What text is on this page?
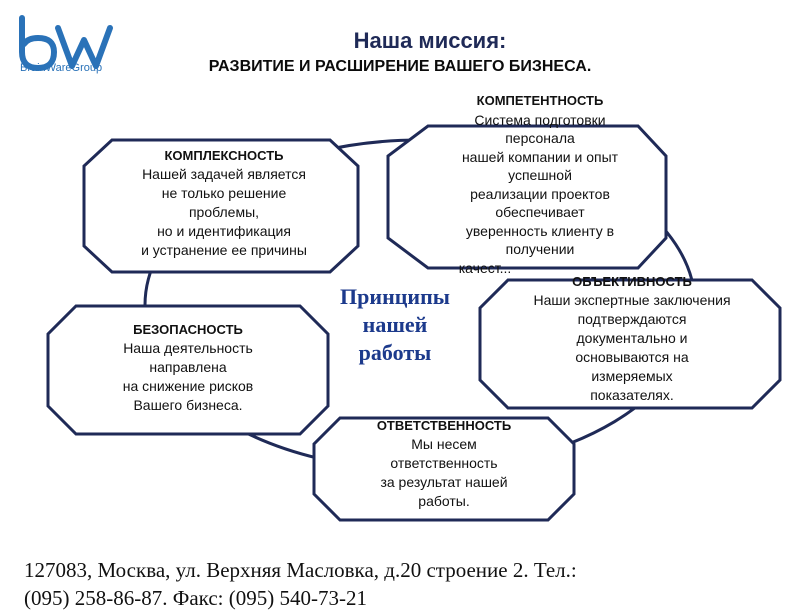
BrainWareGroup
Наша миссия:
РАЗВИТИЕ И РАСШИРЕНИЕ ВАШЕГО БИЗНЕСА.
КОМПЛЕКСНОСТЬ
Нашей задачей является
не только решение
проблемы,
но и идентификация
и устранение ее причины
КОМПЕТЕНТНОСТЬ
Система подготовки
персонала
нашей компании и опыт
успешной
реализации проектов
обеспечивает
уверенность клиенту в
получении
качест...
ОБЪЕКТИВНОСТЬ
Наши экспертные заключения
подтверждаются
документально и
основываются на
измеряемых
показателях.
БЕЗОПАСНОСТЬ
Наша деятельность
направлена
на снижение рисков
Вашего бизнеса.
ОТВЕТСТВЕННОСТЬ
Мы несем
ответственность
за результат нашей
работы.
Принципы
нашей
работы
127083, Москва, ул. Верхняя Масловка, д.20 строение 2. Тел.:
(095) 258-86-87. Факс: (095) 540-73-21
